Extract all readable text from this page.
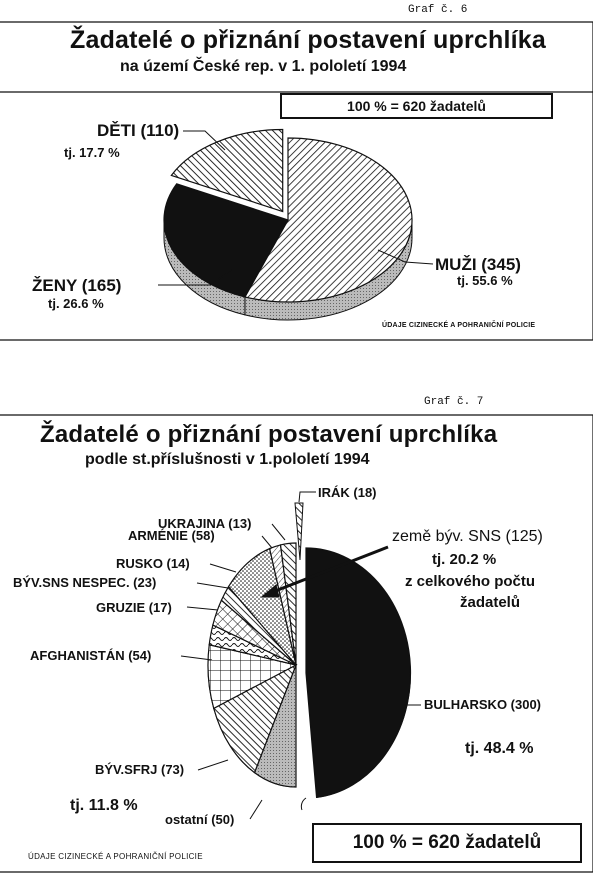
Graf č. 6
Žadatelé o přiznání postavení uprchlíka
na území České rep. v 1. pololetí 1994
100 % = 620 žadatelů
DĚTI (110)
tj. 17.7 %
ŽENY (165)
tj. 26.6 %
MUŽI (345)
tj. 55.6 %
ÚDAJE CIZINECKÉ A POHRANIČNÍ POLICIE
Graf č. 7
Žadatelé o přiznání postavení uprchlíka
podle st.příslušnosti v 1.pololetí 1994
IRÁK (18)
UKRAJINA (13)
ARMÉNIE (58)
RUSKO (14)
BÝV.SNS NESPEC. (23)
GRUZIE (17)
AFGHANISTÁN (54)
BÝV.SFRJ (73)
tj. 11.8 %
ostatní (50)
BULHARSKO (300)
tj. 48.4 %
země býv. SNS (125)
tj. 20.2 %
z celkového počtu
žadatelů
100 % = 620 žadatelů
ÚDAJE CIZINECKÉ A POHRANIČNÍ POLICIE
